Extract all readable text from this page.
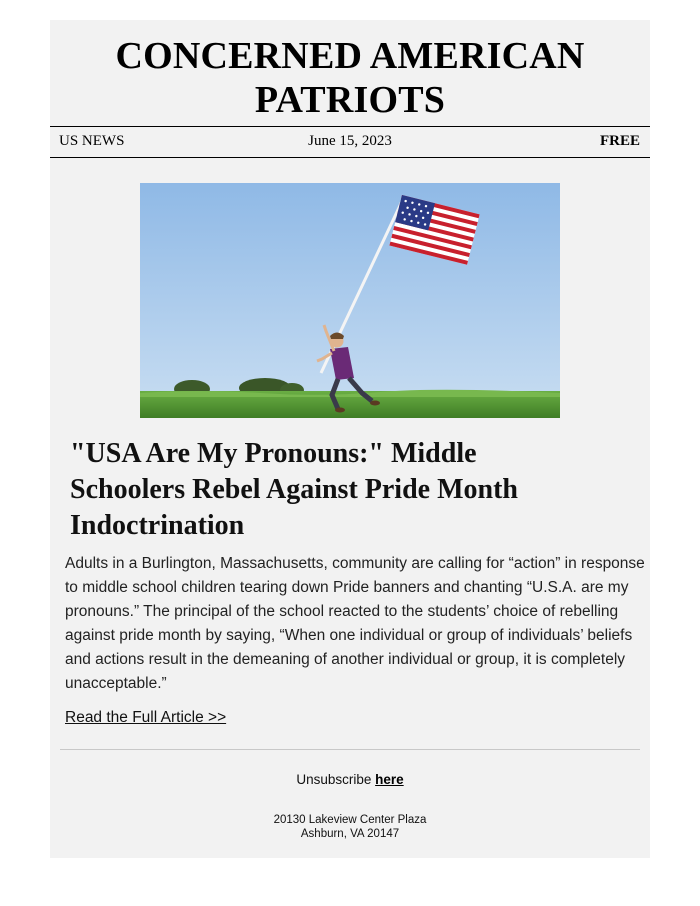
CONCERNED AMERICAN
PATRIOTS
US NEWS	June 15, 2023	FREE
"USA Are My Pronouns:" Middle
Schoolers Rebel Against Pride Month
Indoctrination
Adults in a Burlington, Massachusetts, community are calling for “action” in response to middle school children tearing down Pride banners and chanting “U.S.A. are my pronouns.” The principal of the school reacted to the students’ choice of rebelling against pride month by saying, “When one individual or group of individuals’ beliefs and actions result in the demeaning of another individual or group, it is completely unacceptable.”
Read the Full Article >>
Unsubscribe here
20130 Lakeview Center Plaza
Ashburn, VA 20147
